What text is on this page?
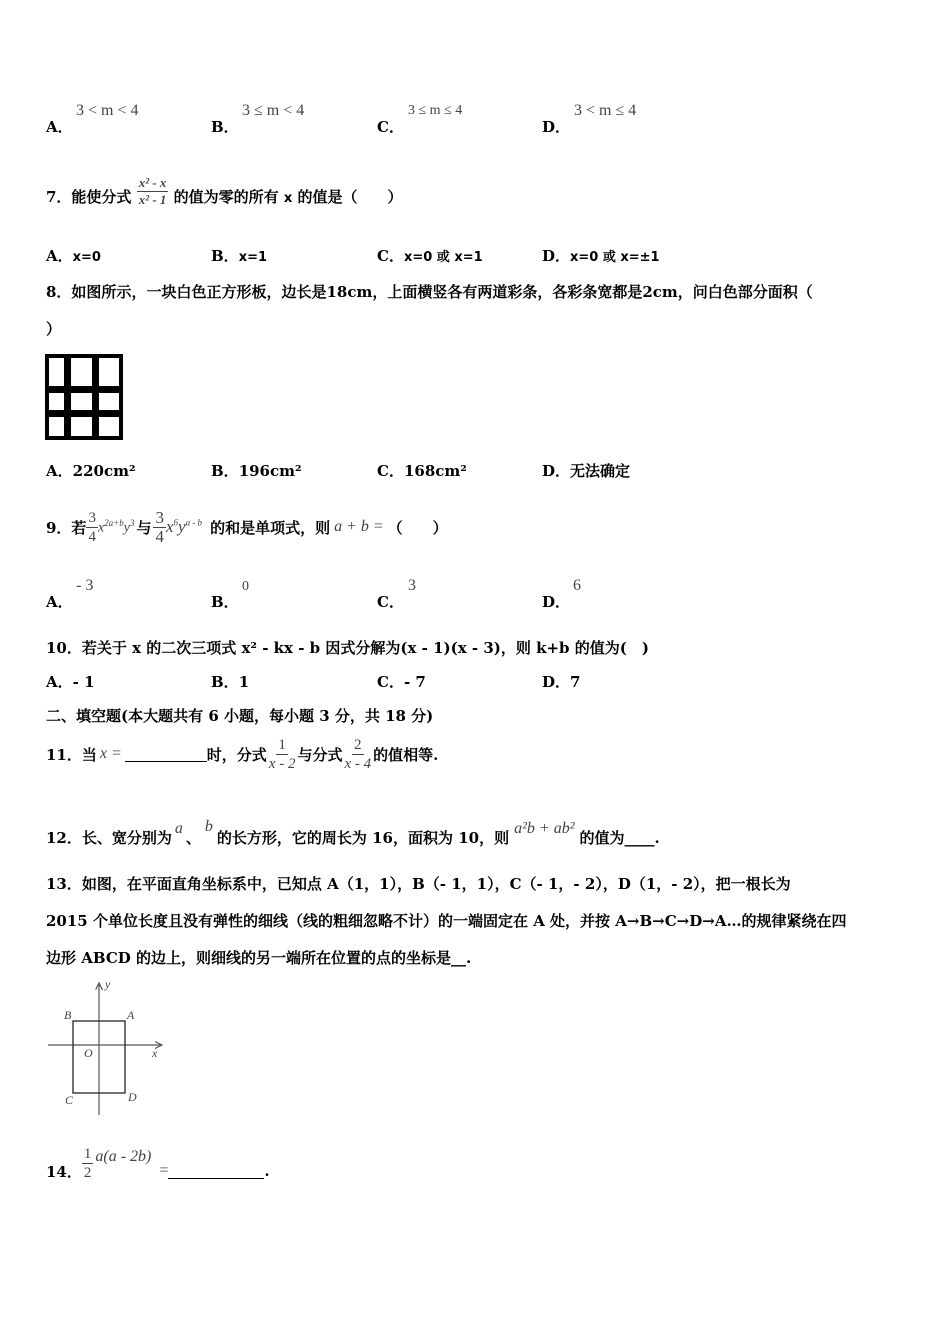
A．
3 < m < 4
B．
3 ≤ m < 4
C．
3 ≤ m ≤ 4
D．
3 < m ≤ 4
7．能使分式 $\frac{\text{x² - x}}{\text{x² - 1}}$ 的值为零的所有 x 的值是（　　）
A．x=0	B．x=1	C．x=0 或 x=1	D．x=0 或 x=±1
8．如图所示，一块白色正方形板，边长是18cm，上面横竖各有两道彩条，各彩条宽都是2cm，问白色部分面积（
）
A．220cm²	B．196cm²	C．168cm²	D．无法确定
9．若 $\frac{3}{4} x^{2a+b}y^3$ 与 $\frac{3}{4} x^6y^{a - b}$ 的和是单项式，则 a + b = （　　）
A．
- 3
B．
0
C．
3
D．
6
10．若关于 x 的二次三项式 x² - kx - b 因式分解为(x - 1)(x - 3)，则 k+b 的值为(　)
A．- 1	B．1	C．- 7	D．7
二、填空题(本大题共有 6 小题，每小题 3 分，共 18 分)
11．当 x =	时，分式 $\frac{1}{x - 2}$ 与分式 $\frac{2}{x - 4}$ 的值相等.
12．长、宽分别为
a
、
b
的长方形，它的周长为 16，面积为 10，则
a²b + ab²
的值为____.
13．如图，在平面直角坐标系中，已知点 A（1，1），B（- 1，1），C（- 1，- 2），D（1，- 2），把一根长为
2015 个单位长度且没有弹性的细线（线的粗细忽略不计）的一端固定在 A 处，并按 A→B→C→D→A…的规律紧绕在四
边形 ABCD 的边上，则细线的另一端所在位置的点的坐标是__.
B	A
O
C	D
x
y
14． $\frac{1}{2} a(a - 2b)$
=	.
